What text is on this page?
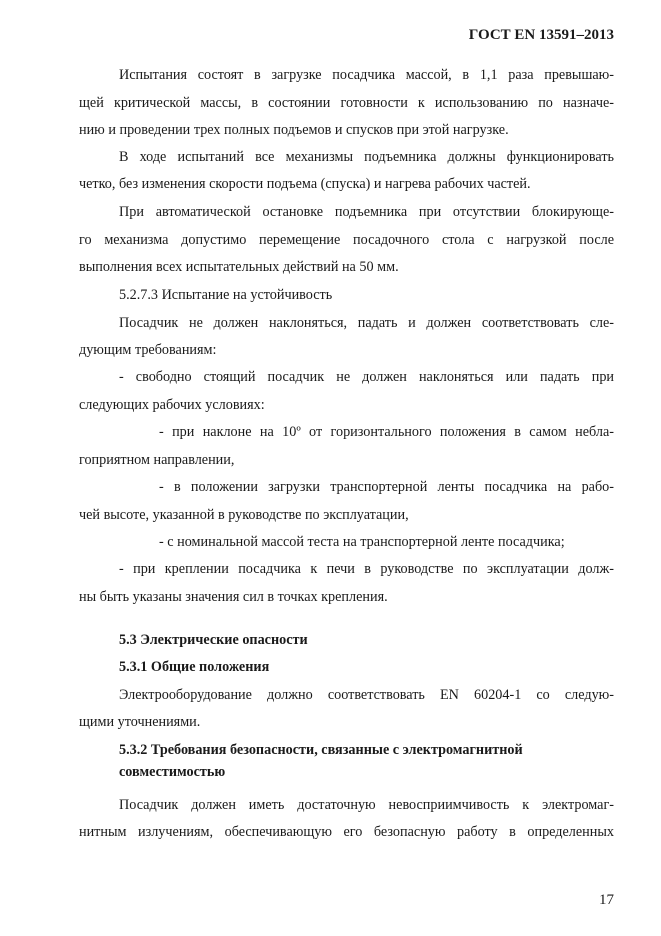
ГОСТ EN 13591–2013
Испытания состоят в загрузке посадчика массой, в 1,1 раза превышаю-
щей критической массы, в состоянии готовности к использованию по назначе-
нию и проведении трех полных подъемов и спусков при этой нагрузке.
В ходе испытаний все механизмы подъемника должны функционировать
четко, без изменения скорости подъема (спуска) и нагрева рабочих частей.
При автоматической остановке подъемника при отсутствии блокирующе-
го механизма допустимо перемещение посадочного стола с нагрузкой после
выполнения всех испытательных действий на 50 мм.
5.2.7.3 Испытание на устойчивость
Посадчик не должен наклоняться, падать и должен соответствовать сле-
дующим требованиям:
- свободно стоящий посадчик не должен наклоняться или падать при
следующих рабочих условиях:
- при наклоне на 10º от горизонтального положения в самом небла-
гоприятном направлении,
- в положении загрузки транспортерной ленты посадчика на рабо-
чей высоте, указанной в руководстве по эксплуатации,
- с номинальной массой теста на транспортерной ленте посадчика;
- при креплении посадчика к печи в руководстве по эксплуатации долж-
ны быть указаны значения сил в точках крепления.
5.3 Электрические опасности
5.3.1 Общие положения
Электрооборудование должно соответствовать EN 60204-1 со следую-
щими уточнениями.
5.3.2 Требования безопасности, связанные с электромагнитной
совместимостью
Посадчик должен иметь достаточную невосприимчивость к электромаг-
нитным излучениям, обеспечивающую его безопасную работу в определенных
17
